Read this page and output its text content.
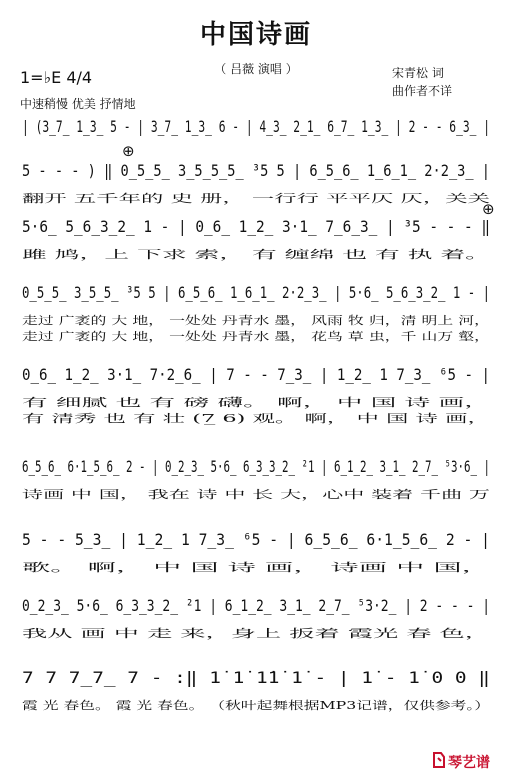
中国诗画
（ 吕薇 演唱 ）
1=♭E 4/4	宋青松 词
曲作者不详
中速稍慢 优美 抒情地
| (3̲7̲ 1̲3̲ 5 - | 3̲7̲ 1̲3̲ 6 - | 4̲3̲ 2̲1̲ 6̲7̲ 1̲3̲ | 2 - - 6̲3̲ |
5 - - - ) ‖ 0̲5̲5̲ 3̲5̲5̲5̲ ³5 5 | 6̲5̲6̲ 1̲6̲1̲ 2·2̲3̲ |
翻开 五千年的 史 册， 一行行 平平仄 仄，关关
5·6̲ 5̲6̲3̲2̲ 1 - | 0̲6̲ 1̲2̲ 3·1̲ 7̲6̲3̲ | ³5 - - - ‖
雎 鸠，上 下求 索， 有 缠绵 也 有 执 着。
0̲5̲5̲ 3̲5̲5̲ ³5 5 | 6̲5̲6̲ 1̲6̲1̲ 2·2̲3̲ | 5·6̲ 5̲6̲3̲2̲ 1 - |
走过 广袤的 大 地， 一处处 丹青水 墨， 风雨 牧 归，清 明上 河，
走过 广袤的 大 地， 一处处 丹青水 墨， 花鸟 草 虫，千 山万 壑，
0̲6̲ 1̲2̲ 3·1̲ 7·2̲6̲ | 7 - - 7̲3̲ | 1̲2̲ 1 7̲3̲ ⁶5 - |
有 细腻 也 有 磅 礴。 啊， 中 国 诗 画，
有 清秀 也 有 壮 (7̲ 6) 观。 啊， 中 国 诗 画，
6̲5̲6̲ 6·1̲5̲6̲ 2 - | 0̲2̲3̲ 5·6̲ 6̲3̲3̲2̲ ²1 | 6̲1̲2̲ 3̲1̲ 2̲7̲ ⁵3·6̲ |
诗画 中 国， 我在 诗 中 长 大，心中 装着 千曲 万
5 - - 5̲3̲ | 1̲2̲ 1 7̲3̲ ⁶5 - | 6̲5̲6̲ 6·1̲5̲6̲ 2 - |
歌。 啊， 中 国 诗 画， 诗画 中 国，
0̲2̲3̲ 5·6̲ 6̲3̲3̲2̲ ²1 | 6̲1̲2̲ 3̲1̲ 2̲7̲ ⁵3·2̲ | 2 - - - |
我从 画 中 走 来，身上 扳着 霞光 春 色，
7 7 7̲7̲ 7 - :‖ 1̇ 1̇ 1̇1̇ 1̇ - | 1̇ - 1̇ 0 0 ‖
霞 光 春色。 霞 光 春色。 （秋叶起舞根据MP3记谱，仅供参考。）
⊕
⊕
琴艺谱
